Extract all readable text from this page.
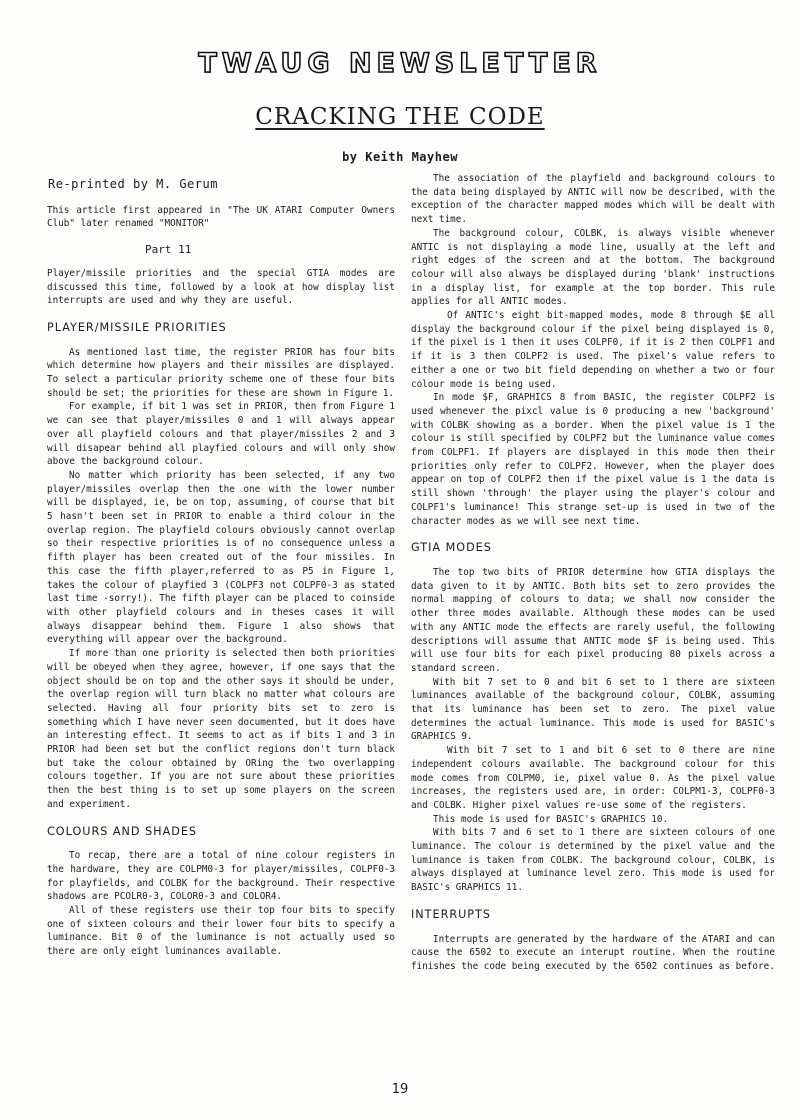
TWAUG NEWSLETTER
CRACKING THE CODE
by Keith Mayhew

Re-printed by M. Gerum

This article first appeared in "The UK ATARI Computer Owners Club" later renamed "MONITOR"

Part 11

Player/missile priorities and the special GTIA modes are discussed this time, followed by a look at how display list interrupts are used and why they are useful.

PLAYER/MISSILE PRIORITIES

As mentioned last time, the register PRIOR has four bits which determine how players and their missiles are displayed. To select a particular priority scheme one of these four bits should be set; the priorities for these are shown in Figure 1.

For example, if bit 1 was set in PRIOR, then from Figure 1 we can see that player/missiles 0 and 1 will always appear over all playfield colours and that player/missiles 2 and 3 will disapear behind all playfied colours and will only show above the background colour.

No matter which priority has been selected, if any two player/missiles overlap then the one with the lower number will be displayed, ie, be on top, assuming, of course that bit 5 hasn't been set in PRIOR to enable a third colour in the overlap region. The playfield colours obviously cannot overlap so their respective priorities is of no consequence unless a fifth player has been created out of the four missiles. In this case the fifth player,referred to as P5 in Figure 1, takes the colour of playfied 3 (COLPF3 not COLPF0-3 as stated last time -sorry!). The fifth player can be placed to coinside with other playfield colours and in theses cases it will always disappear behind them. Figure 1 also shows that everything will appear over the background.

If more than one priority is selected then both priorities will be obeyed when they agree, however, if one says that the object should be on top and the other says it should be under, the overlap region will turn black no matter what colours are selected. Having all four priority bits set to zero is something which I have never seen documented, but it does have an interesting effect. It seems to act as if bits 1 and 3 in PRIOR had been set but the conflict regions don't turn black but take the colour obtained by ORing the two overlapping colours together. If you are not sure about these priorities then the best thing is to set up some players on the screen and experiment.

COLOURS AND SHADES

To recap, there are a total of nine colour registers in the hardware, they are COLPM0-3 for player/missiles, COLPF0-3 for playfields, and COLBK for the background. Their respective shadows are PCOLR0-3, COLOR0-3 and COLOR4.

All of these registers use their top four bits to specify one of sixteen colours and their lower four bits to specify a luminance. Bit 0 of the luminance is not actually used so there are only eight luminances available.

The association of the playfield and background colours to the data being displayed by ANTIC will now be described, with the exception of the character mapped modes which will be dealt with next time.

The background colour, COLBK, is always visible whenever ANTIC is not displaying a mode line, usually at the left and right edges of the screen and at the bottom. The background colour will also always be displayed during 'blank' instructions in a display list, for example at the top border. This rule applies for all ANTIC modes.

Of ANTIC's eight bit-mapped modes, mode 8 through $E all display the background colour if the pixel being displayed is 0, if the pixel is 1 then it uses COLPF0, if it is 2 then COLPF1 and if it is 3 then COLPF2 is used. The pixel's value refers to either a one or two bit field depending on whether a two or four colour mode is being used.

In mode $F, GRAPHICS 8 from BASIC, the register COLPF2 is used whenever the pixcl value is 0 producing a new 'background' with COLBK showing as a border. When the pixel value is 1 the colour is still specified by COLPF2 but the luminance value comes from COLPF1. If players are displayed in this mode then their priorities only refer to COLPF2. However, when the player does appear on top of COLPF2 then if the pixel value is 1 the data is still shown 'through' the player using the player's colour and COLPF1's luminance! This strange set-up is used in two of the character modes as we will see next time.

GTIA MODES

The top two bits of PRIOR determine how GTIA displays the data given to it by ANTIC. Both bits set to zero provides the normal mapping of colours to data; we shall now consider the other three modes available. Although these modes can be used with any ANTIC mode the effects are rarely useful, the following descriptions will assume that ANTIC mode $F is being used. This will use four bits for each pixel producing 80 pixels across a standard screen.

With bit 7 set to 0 and bit 6 set to 1 there are sixteen luminances available of the background colour, COLBK, assuming that its luminance has been set to zero. The pixel value determines the actual luminance. This mode is used for BASIC's GRAPHICS 9.

With bit 7 set to 1 and bit 6 set to 0 there are nine independent colours available. The background colour for this mode comes from COLPM0, ie, pixel value 0. As the pixel value increases, the registers used are, in order: COLPM1-3, COLPF0-3 and COLBK. Higher pixel values re-use some of the registers.

This mode is used for BASIC's GRAPHICS 10.

With bits 7 and 6 set to 1 there are sixteen colours of one luminance. The colour is determined by the pixel value and the luminance is taken from COLBK. The background colour, COLBK, is always displayed at luminance level zero. This mode is used for BASIC's GRAPHICS 11.

INTERRUPTS

Interrupts are generated by the hardware of the ATARI and can cause the 6502 to execute an interupt routine. When the routine finishes the code being executed by the 6502 continues as before.

19
